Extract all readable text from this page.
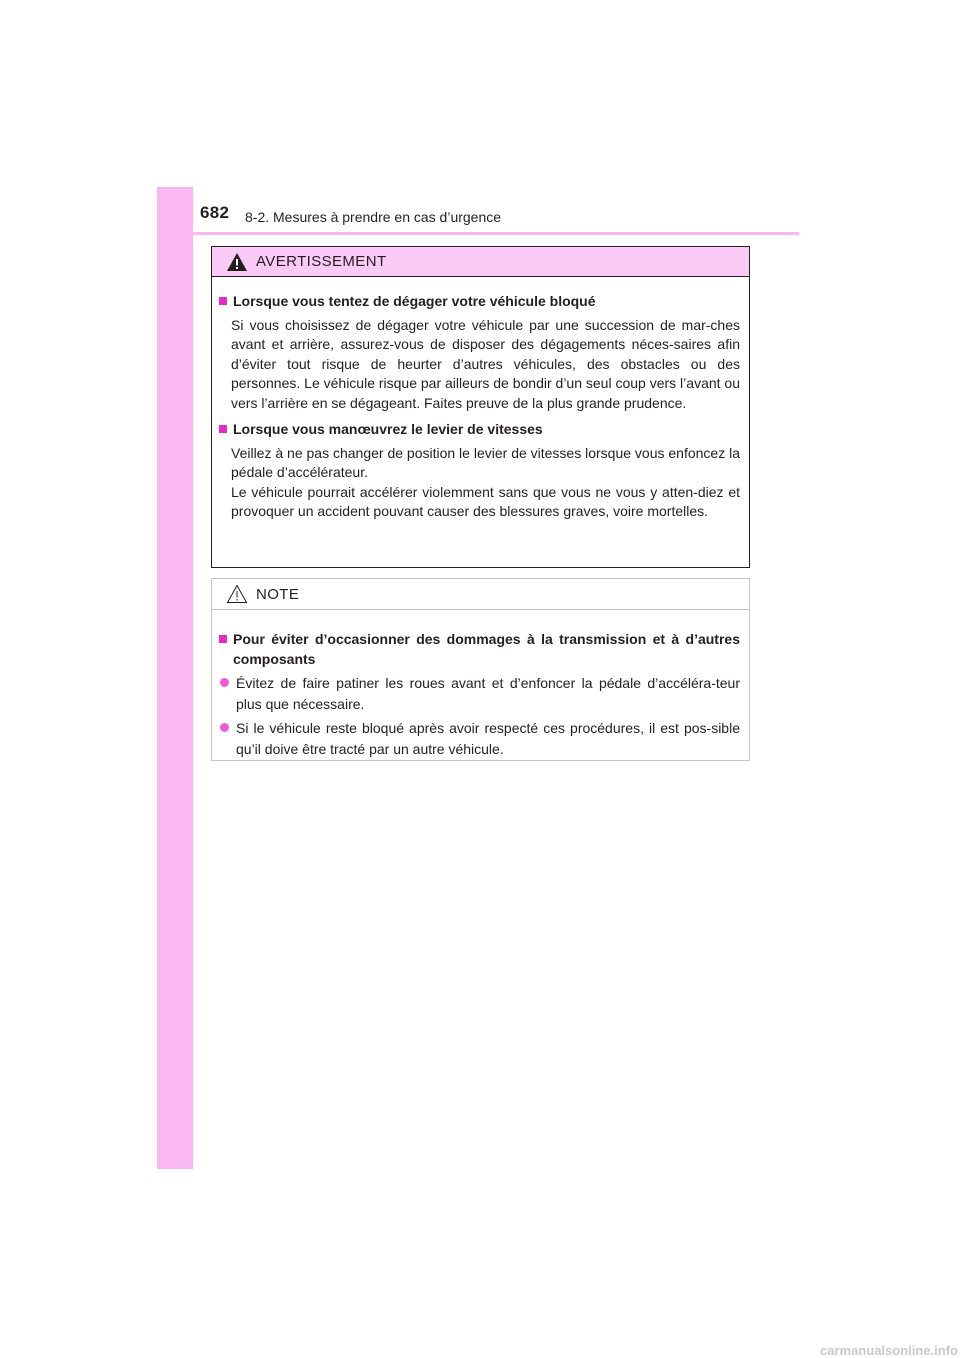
682 8-2. Mesures à prendre en cas d’urgence
AVERTISSEMENT
Lorsque vous tentez de dégager votre véhicule bloqué
Si vous choisissez de dégager votre véhicule par une succession de mar-ches avant et arrière, assurez-vous de disposer des dégagements néces-saires afin d’éviter tout risque de heurter d’autres véhicules, des obstacles ou des personnes. Le véhicule risque par ailleurs de bondir d’un seul coup vers l’avant ou vers l’arrière en se dégageant. Faites preuve de la plus grande prudence.
Lorsque vous manœuvrez le levier de vitesses
Veillez à ne pas changer de position le levier de vitesses lorsque vous enfoncez la pédale d’accélérateur.
Le véhicule pourrait accélérer violemment sans que vous ne vous y atten-diez et provoquer un accident pouvant causer des blessures graves, voire mortelles.
NOTE
Pour éviter d’occasionner des dommages à la transmission et à d’autres composants
Évitez de faire patiner les roues avant et d’enfoncer la pédale d’accéléra-teur plus que nécessaire.
Si le véhicule reste bloqué après avoir respecté ces procédures, il est pos-sible qu’il doive être tracté par un autre véhicule.
carmanualsonline.info
